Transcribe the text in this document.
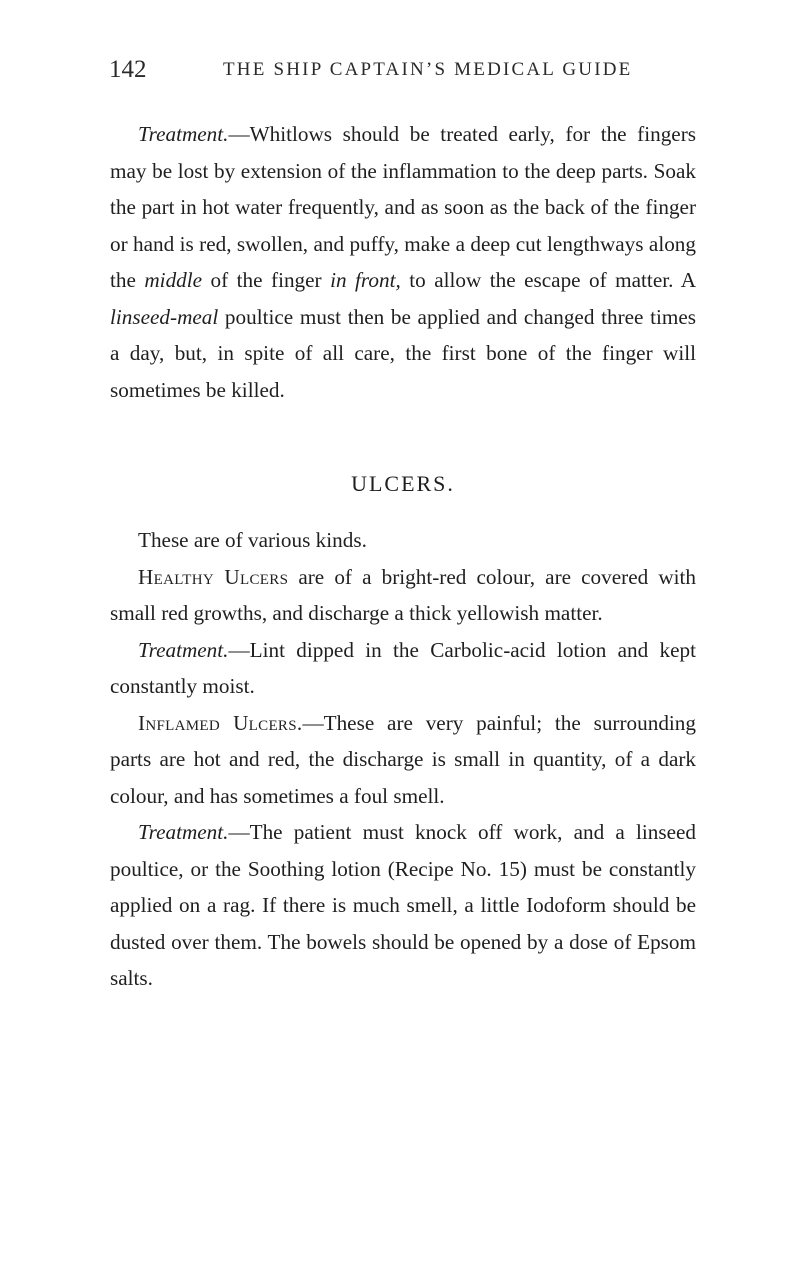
142	THE SHIP CAPTAIN’S MEDICAL GUIDE

Treatment.—Whitlows should be treated early, for the fingers may be lost by extension of the inflammation to the deep parts. Soak the part in hot water frequently, and as soon as the back of the finger or hand is red, swollen, and puffy, make a deep cut lengthways along the middle of the finger in front, to allow the escape of matter. A linseed-meal poultice must then be applied and changed three times a day, but, in spite of all care, the first bone of the finger will sometimes be killed.

ULCERS.

These are of various kinds.

Healthy Ulcers are of a bright-red colour, are covered with small red growths, and discharge a thick yellowish matter.

Treatment.—Lint dipped in the Carbolic-acid lotion and kept constantly moist.

Inflamed Ulcers.—These are very painful; the surrounding parts are hot and red, the discharge is small in quantity, of a dark colour, and has sometimes a foul smell.

Treatment.—The patient must knock off work, and a linseed poultice, or the Soothing lotion (Recipe No. 15) must be constantly applied on a rag. If there is much smell, a little Iodoform should be dusted over them. The bowels should be opened by a dose of Epsom salts.
